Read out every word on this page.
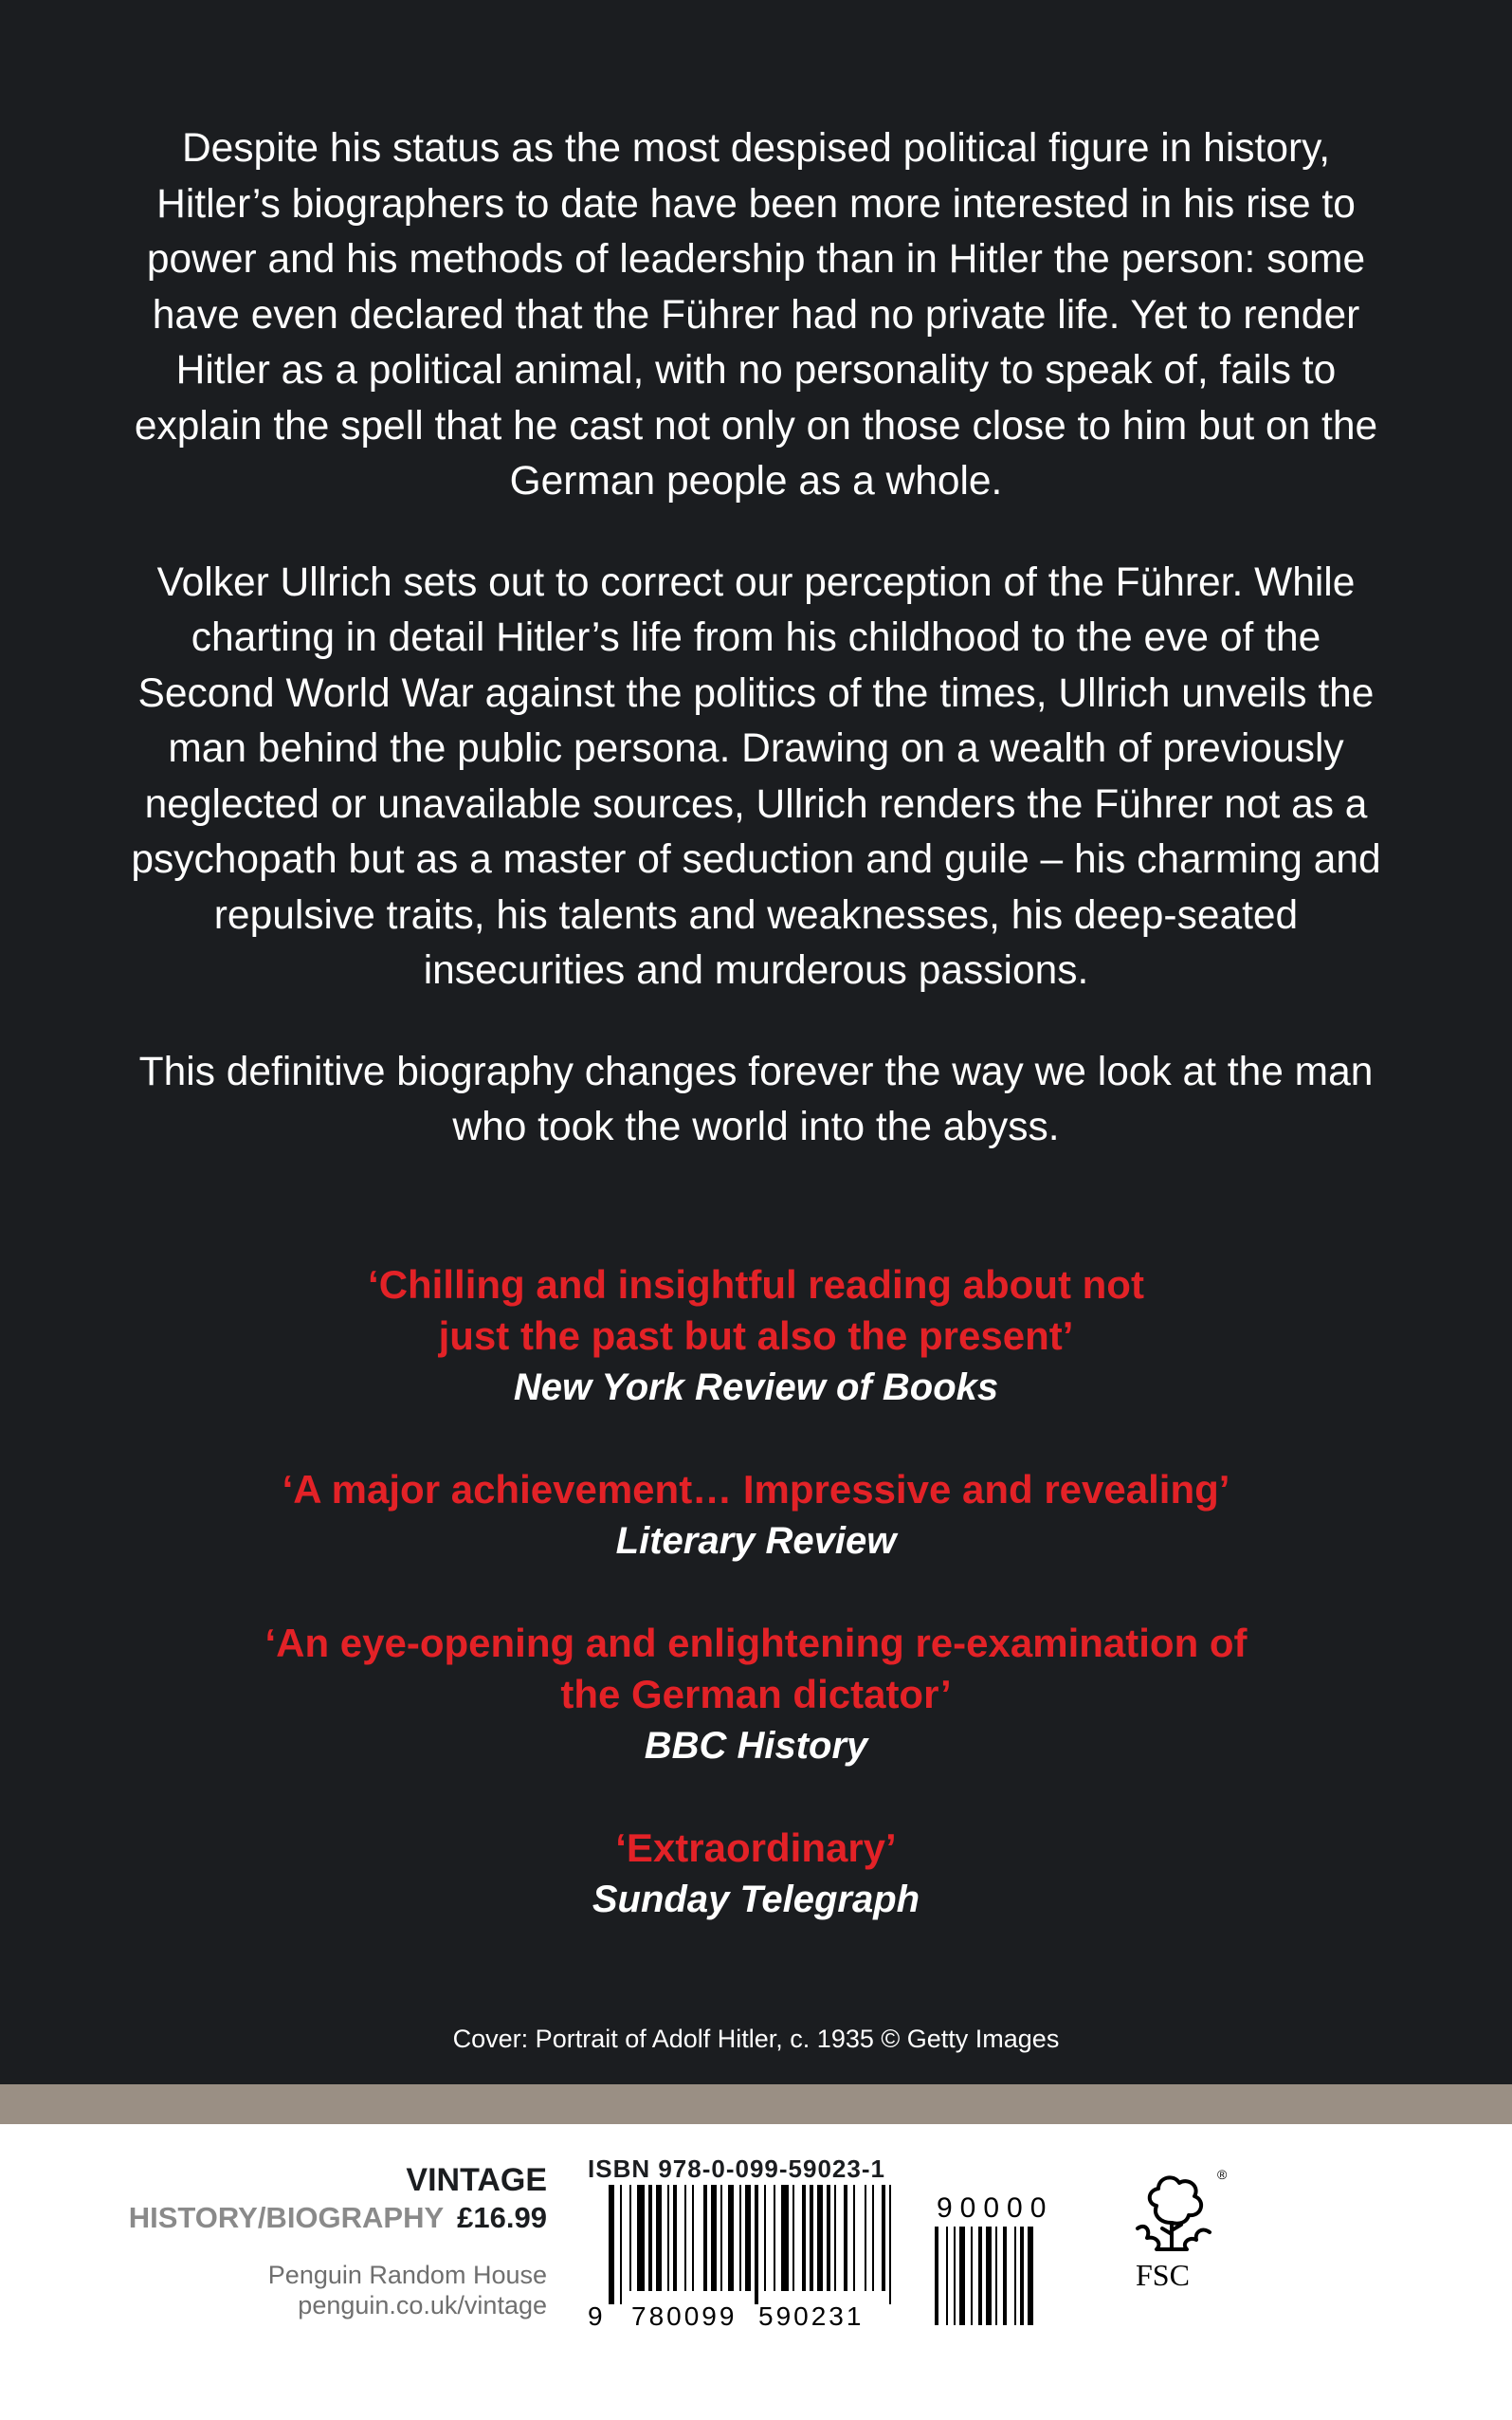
Despite his status as the most despised political figure in history, Hitler’s biographers to date have been more interested in his rise to power and his methods of leadership than in Hitler the person: some have even declared that the Führer had no private life. Yet to render Hitler as a political animal, with no personality to speak of, fails to explain the spell that he cast not only on those close to him but on the German people as a whole.

Volker Ullrich sets out to correct our perception of the Führer. While charting in detail Hitler’s life from his childhood to the eve of the Second World War against the politics of the times, Ullrich unveils the man behind the public persona. Drawing on a wealth of previously neglected or unavailable sources, Ullrich renders the Führer not as a psychopath but as a master of seduction and guile – his charming and repulsive traits, his talents and weaknesses, his deep-seated insecurities and murderous passions.

This definitive biography changes forever the way we look at the man who took the world into the abyss.

‘Chilling and insightful reading about not just the past but also the present’
New York Review of Books
‘A major achievement… Impressive and revealing’
Literary Review
‘An eye-opening and enlightening re-examination of the German dictator’
BBC History
‘Extraordinary’
Sunday Telegraph
Cover: Portrait of Adolf Hitler, c. 1935 © Getty Images
VINTAGE
HISTORY/BIOGRAPHY £16.99
Penguin Random House
penguin.co.uk/vintage
ISBN 978-0-099-59023-1
9 780099 590231
90000
®
FSC
